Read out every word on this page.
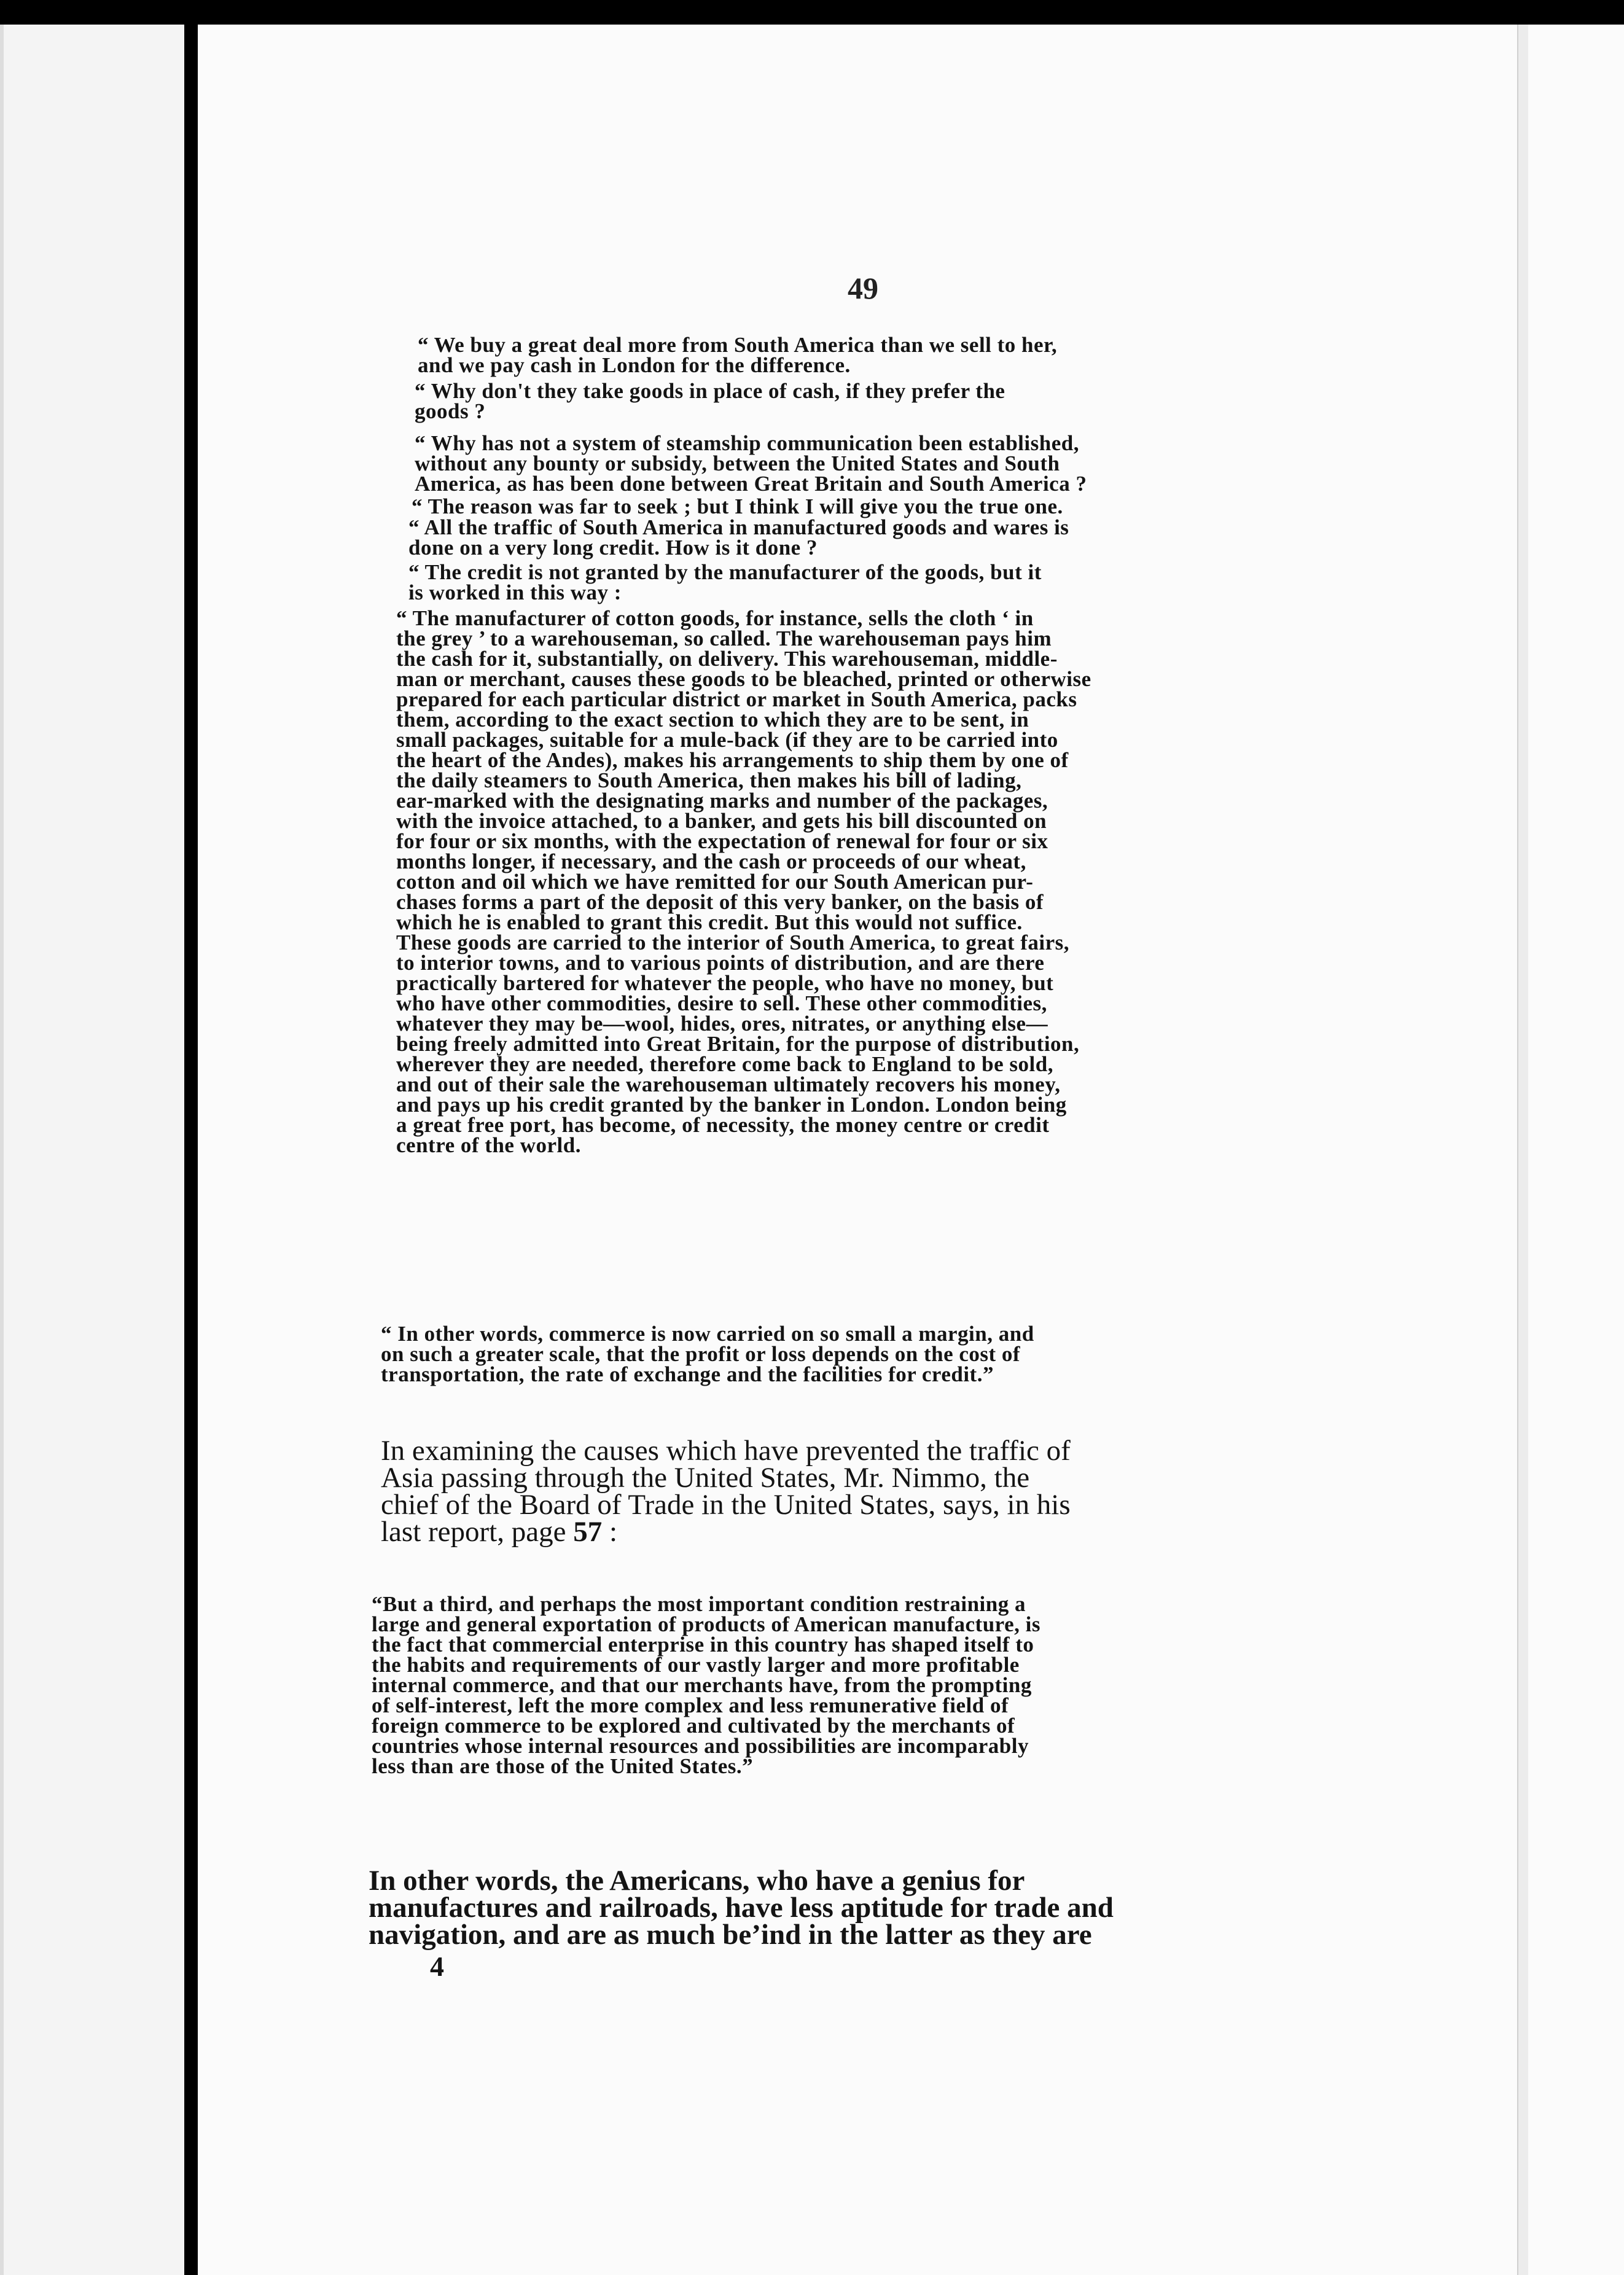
49

“ We buy a great deal more from South America than we sell to her,
and we pay cash in London for the difference.

“ Why don't they take goods in place of cash, if they prefer the
goods ?

“ Why has not a system of steamship communication been established,
without any bounty or subsidy, between the United States and South
America, as has been done between Great Britain and South America ?

“ The reason was far to seek ; but I think I will give you the true one.

“ All the traffic of South America in manufactured goods and wares is
done on a very long credit. How is it done ?

“ The credit is not granted by the manufacturer of the goods, but it
is worked in this way :

“ The manufacturer of cotton goods, for instance, sells the cloth ‘ in
the grey ’ to a warehouseman, so called. The warehouseman pays him
the cash for it, substantially, on delivery. This warehouseman, middle-
man or merchant, causes these goods to be bleached, printed or otherwise
prepared for each particular district or market in South America, packs
them, according to the exact section to which they are to be sent, in
small packages, suitable for a mule-back (if they are to be carried into
the heart of the Andes), makes his arrangements to ship them by one of
the daily steamers to South America, then makes his bill of lading,
ear-marked with the designating marks and number of the packages,
with the invoice attached, to a banker, and gets his bill discounted on
for four or six months, with the expectation of renewal for four or six
months longer, if necessary, and the cash or proceeds of our wheat,
cotton and oil which we have remitted for our South American pur-
chases forms a part of the deposit of this very banker, on the basis of
which he is enabled to grant this credit. But this would not suffice.
These goods are carried to the interior of South America, to great fairs,
to interior towns, and to various points of distribution, and are there
practically bartered for whatever the people, who have no money, but
who have other commodities, desire to sell. These other commodities,
whatever they may be—wool, hides, ores, nitrates, or anything else—
being freely admitted into Great Britain, for the purpose of distribution,
wherever they are needed, therefore come back to England to be sold,
and out of their sale the warehouseman ultimately recovers his money,
and pays up his credit granted by the banker in London. London being
a great free port, has become, of necessity, the money centre or credit
centre of the world.

“ In other words, commerce is now carried on so small a margin, and
on such a greater scale, that the profit or loss depends on the cost of
transportation, the rate of exchange and the facilities for credit.”

In examining the causes which have prevented the traffic of
Asia passing through the United States, Mr. Nimmo, the
chief of the Board of Trade in the United States, says, in his
last report, page 57 :

“But a third, and perhaps the most important condition restraining a
large and general exportation of products of American manufacture, is
the fact that commercial enterprise in this country has shaped itself to
the habits and requirements of our vastly larger and more profitable
internal commerce, and that our merchants have, from the prompting
of self-interest, left the more complex and less remunerative field of
foreign commerce to be explored and cultivated by the merchants of
countries whose internal resources and possibilities are incomparably
less than are those of the United States.”

In other words, the Americans, who have a genius for
manufactures and railroads, have less aptitude for trade and
navigation, and are as much be’ind in the latter as they are

4
